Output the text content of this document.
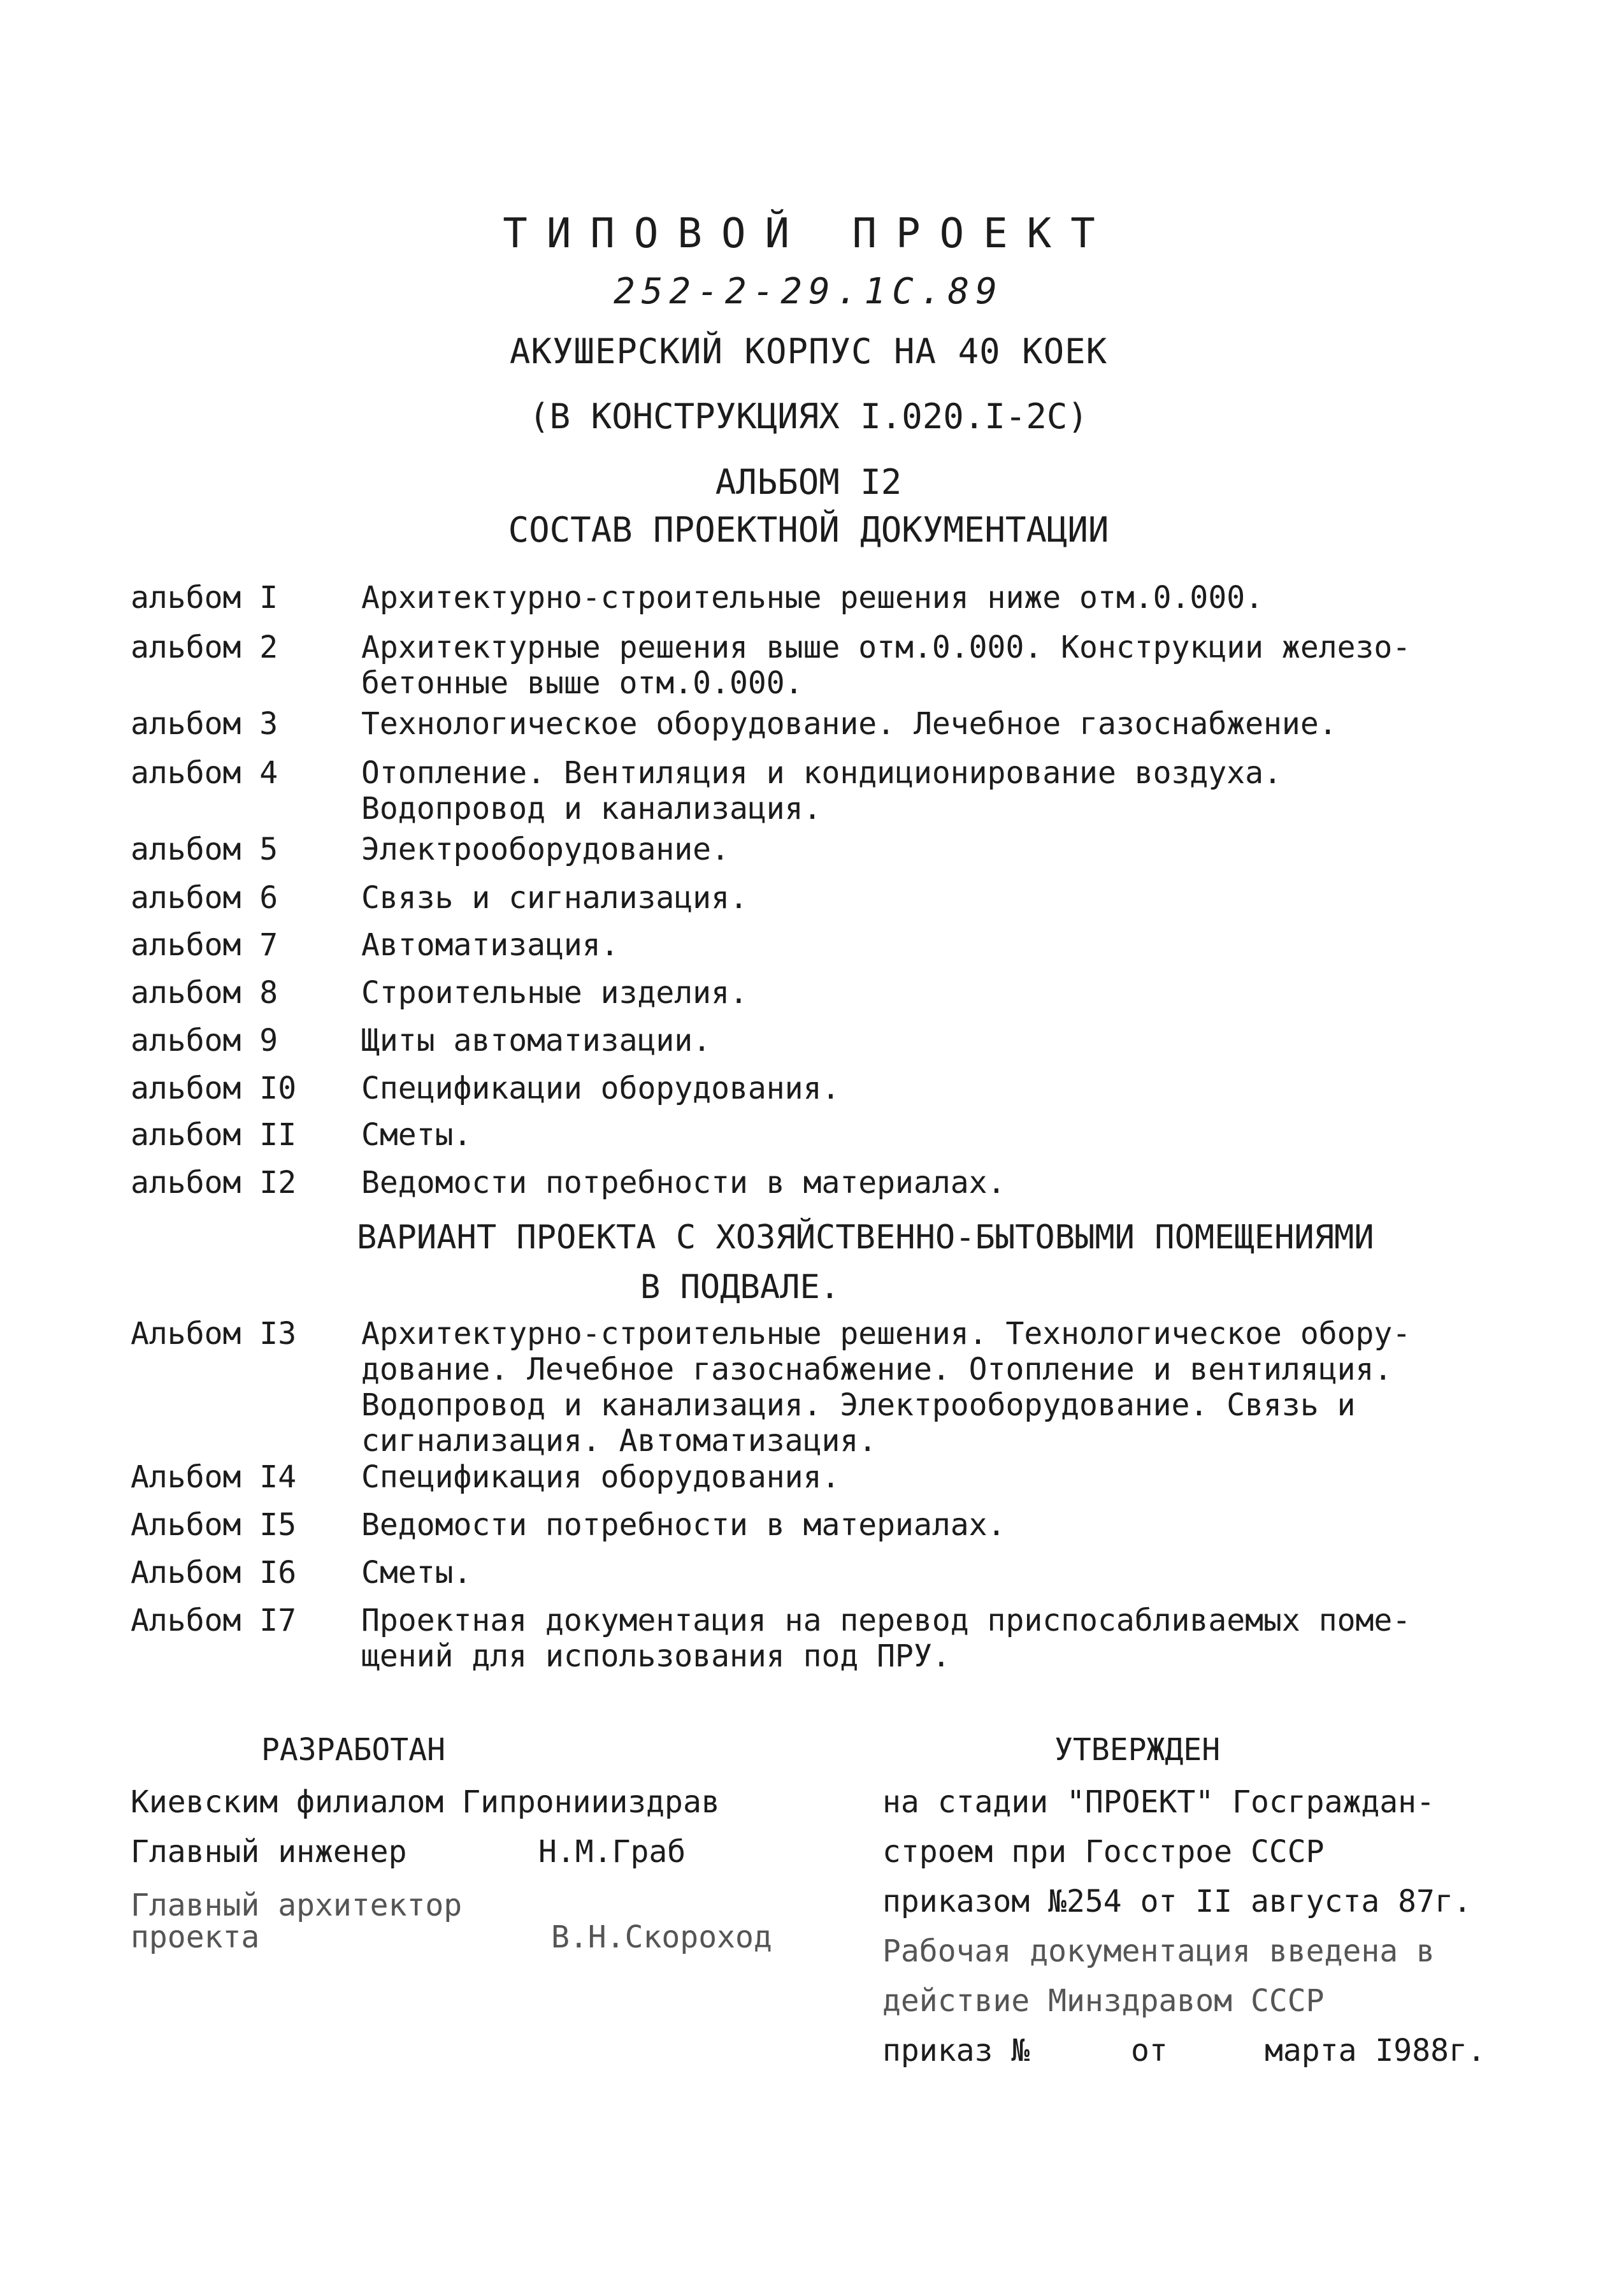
ТИПОВОЙ ПРОЕКТ
252-2-29.1С.89
АКУШЕРСКИЙ КОРПУС НА 40 КОЕК
(В КОНСТРУКЦИЯХ I.020.I-2С)
АЛЬБОМ I2
СОСТАВ ПРОЕКТНОЙ ДОКУМЕНТАЦИИ
альбом I	Архитектурно-строительные решения ниже отм.0.000.
альбом 2	Архитектурные решения выше отм.0.000. Конструкции железо-
бетонные выше отм.0.000.
альбом 3	Технологическое оборудование. Лечебное газоснабжение.
альбом 4	Отопление. Вентиляция и кондиционирование воздуха.
Водопровод и канализация.
альбом 5	Электрооборудование.
альбом 6	Связь и сигнализация.
альбом 7	Автоматизация.
альбом 8	Строительные изделия.
альбом 9	Щиты автоматизации.
альбом I0	Спецификации оборудования.
альбом II	Сметы.
альбом I2	Ведомости потребности в материалах.
ВАРИАНТ ПРОЕКТА С ХОЗЯЙСТВЕННО-БЫТОВЫМИ ПОМЕЩЕНИЯМИ
В ПОДВАЛЕ.
Альбом I3	Архитектурно-строительные решения. Технологическое обору-
дование. Лечебное газоснабжение. Отопление и вентиляция.
Водопровод и канализация. Электрооборудование. Связь и
сигнализация. Автоматизация.
Альбом I4	Спецификация оборудования.
Альбом I5	Ведомости потребности в материалах.
Альбом I6	Сметы.
Альбом I7	Проектная документация на перевод приспосабливаемых поме-
щений для использования под ПРУ.
РАЗРАБОТАН
Киевским филиалом Гипрониииздрав
Главный инженер	Н.М.Граб
Главный архитектор
проекта	В.Н.Скороход
УТВЕРЖДЕН
на стадии "ПРОЕКТ" Госграждан-
строем при Госстрое СССР
приказом №254 от II августа 87г.
Рабочая документация введена в
действие Минздравом СССР
приказ №	от	марта I988г.
